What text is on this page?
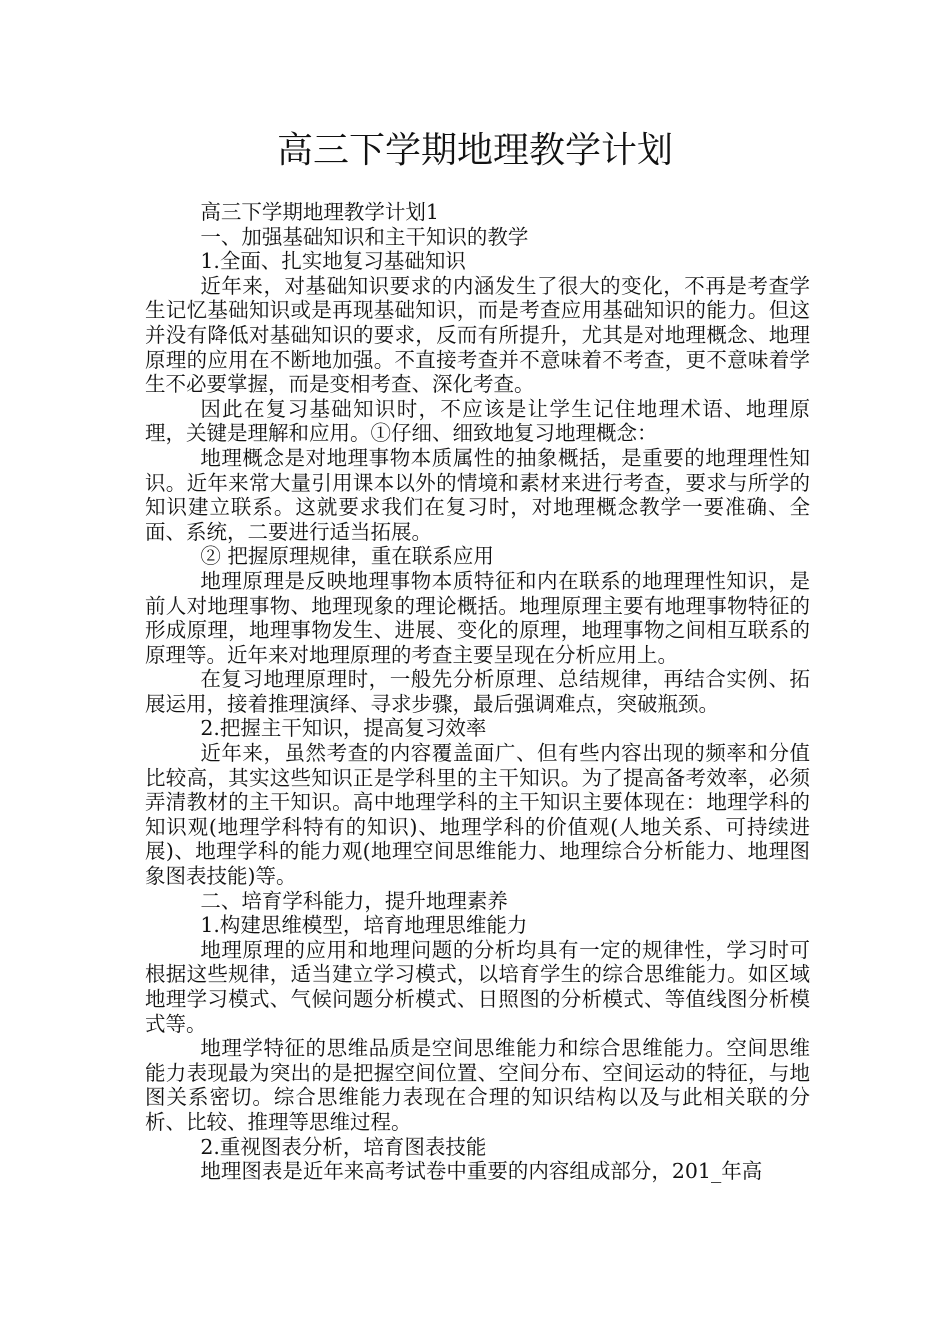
高三下学期地理教学计划

高三下学期地理教学计划1

一、加强基础知识和主干知识的教学

1.全面、扎实地复习基础知识

近年来，对基础知识要求的内涵发生了很大的变化，不再是考查学生记忆基础知识或是再现基础知识，而是考查应用基础知识的能力。但这并没有降低对基础知识的要求，反而有所提升，尤其是对地理概念、地理原理的应用在不断地加强。不直接考查并不意味着不考查，更不意味着学生不必要掌握，而是变相考查、深化考查。

因此在复习基础知识时，不应该是让学生记住地理术语、地理原理，关键是理解和应用。①仔细、细致地复习地理概念：

地理概念是对地理事物本质属性的抽象概括，是重要的地理理性知识。近年来常大量引用课本以外的情境和素材来进行考查，要求与所学的知识建立联系。这就要求我们在复习时，对地理概念教学一要准确、全面、系统，二要进行适当拓展。

② 把握原理规律，重在联系应用

地理原理是反映地理事物本质特征和内在联系的地理理性知识，是前人对地理事物、地理现象的理论概括。地理原理主要有地理事物特征的形成原理，地理事物发生、进展、变化的原理，地理事物之间相互联系的原理等。近年来对地理原理的考查主要呈现在分析应用上。

在复习地理原理时，一般先分析原理、总结规律，再结合实例、拓展运用，接着推理演绎、寻求步骤，最后强调难点，突破瓶颈。

2.把握主干知识，提高复习效率

近年来，虽然考查的内容覆盖面广、但有些内容出现的频率和分值比较高，其实这些知识正是学科里的主干知识。为了提高备考效率，必须弄清教材的主干知识。高中地理学科的主干知识主要体现在：地理学科的知识观(地理学科特有的知识)、地理学科的价值观(人地关系、可持续进展)、地理学科的能力观(地理空间思维能力、地理综合分析能力、地理图象图表技能)等。

二、培育学科能力，提升地理素养

1.构建思维模型，培育地理思维能力

地理原理的应用和地理问题的分析均具有一定的规律性，学习时可根据这些规律，适当建立学习模式，以培育学生的综合思维能力。如区域地理学习模式、气候问题分析模式、日照图的分析模式、等值线图分析模式等。

地理学特征的思维品质是空间思维能力和综合思维能力。空间思维能力表现最为突出的是把握空间位置、空间分布、空间运动的特征，与地图关系密切。综合思维能力表现在合理的知识结构以及与此相关联的分析、比较、推理等思维过程。

2.重视图表分析，培育图表技能

地理图表是近年来高考试卷中重要的内容组成部分，201_年高
